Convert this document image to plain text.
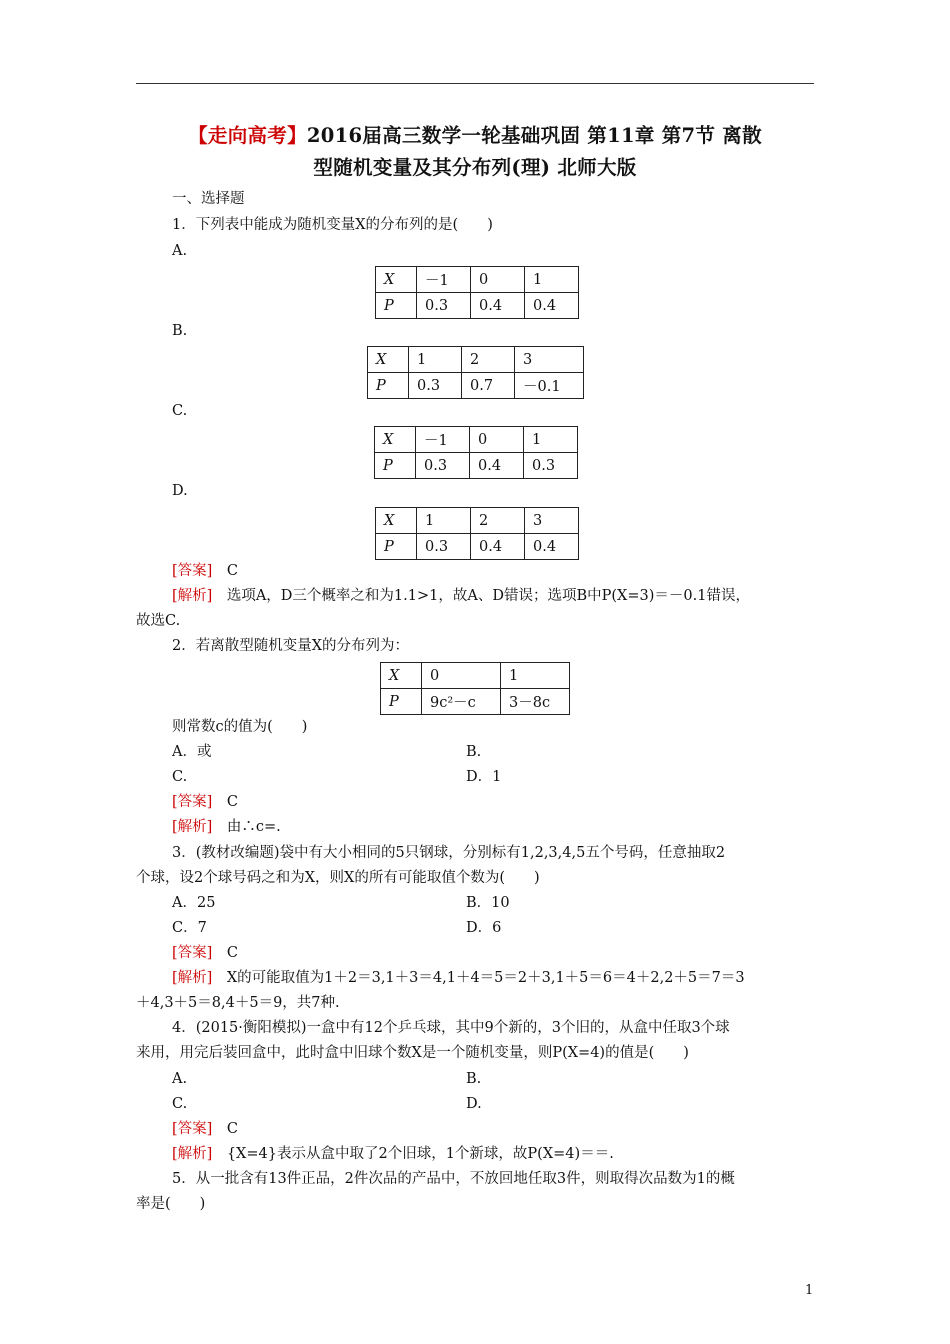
【走向高考】2016届高三数学一轮基础巩固 第11章 第7节 离散
型随机变量及其分布列(理) 北师大版
一、选择题
1．下列表中能成为随机变量X的分布列的是(　　)
A.
X	－1	0	1
P	0.3	0.4	0.4
B.
X	1	2	3
P	0.3	0.7	－0.1
C.
X	－1	0	1
P	0.3	0.4	0.3
D.
X	1	2	3
P	0.3	0.4	0.4
[答案]　 C
[解析]　 选项A，D三个概率之和为1.1>1，故A、D错误；选项B中P(X=3)＝－0.1错误，
故选C.
2．若离散型随机变量X的分布列为：
X	0	1
P	9c²－c	3－8c
则常数c的值为(　　)
A．或	B.
C.	D．1
[答案]　 C
[解析]　 由∴c=.
3．(教材改编题)袋中有大小相同的5只钢球，分别标有1,2,3,4,5五个号码，任意抽取2
个球，设2个球号码之和为X，则X的所有可能取值个数为(　　)
A．25	B．10
C．7	D．6
[答案]　 C
[解析]　 X的可能取值为1＋2＝3,1＋3＝4,1＋4＝5＝2＋3,1＋5＝6＝4＋2,2＋5＝7＝3
＋4,3＋5＝8,4＋5＝9，共7种.
4．(2015·衡阳模拟)一盒中有12个乒乓球，其中9个新的，3个旧的，从盒中任取3个球
来用，用完后装回盒中，此时盒中旧球个数X是一个随机变量，则P(X=4)的值是(　　)
A.	B.
C.	D.
[答案]　 C
[解析]　 {X=4}表示从盒中取了2个旧球，1个新球，故P(X=4)＝＝.
5．从一批含有13件正品，2件次品的产品中，不放回地任取3件，则取得次品数为1的概
率是(　　)
1
